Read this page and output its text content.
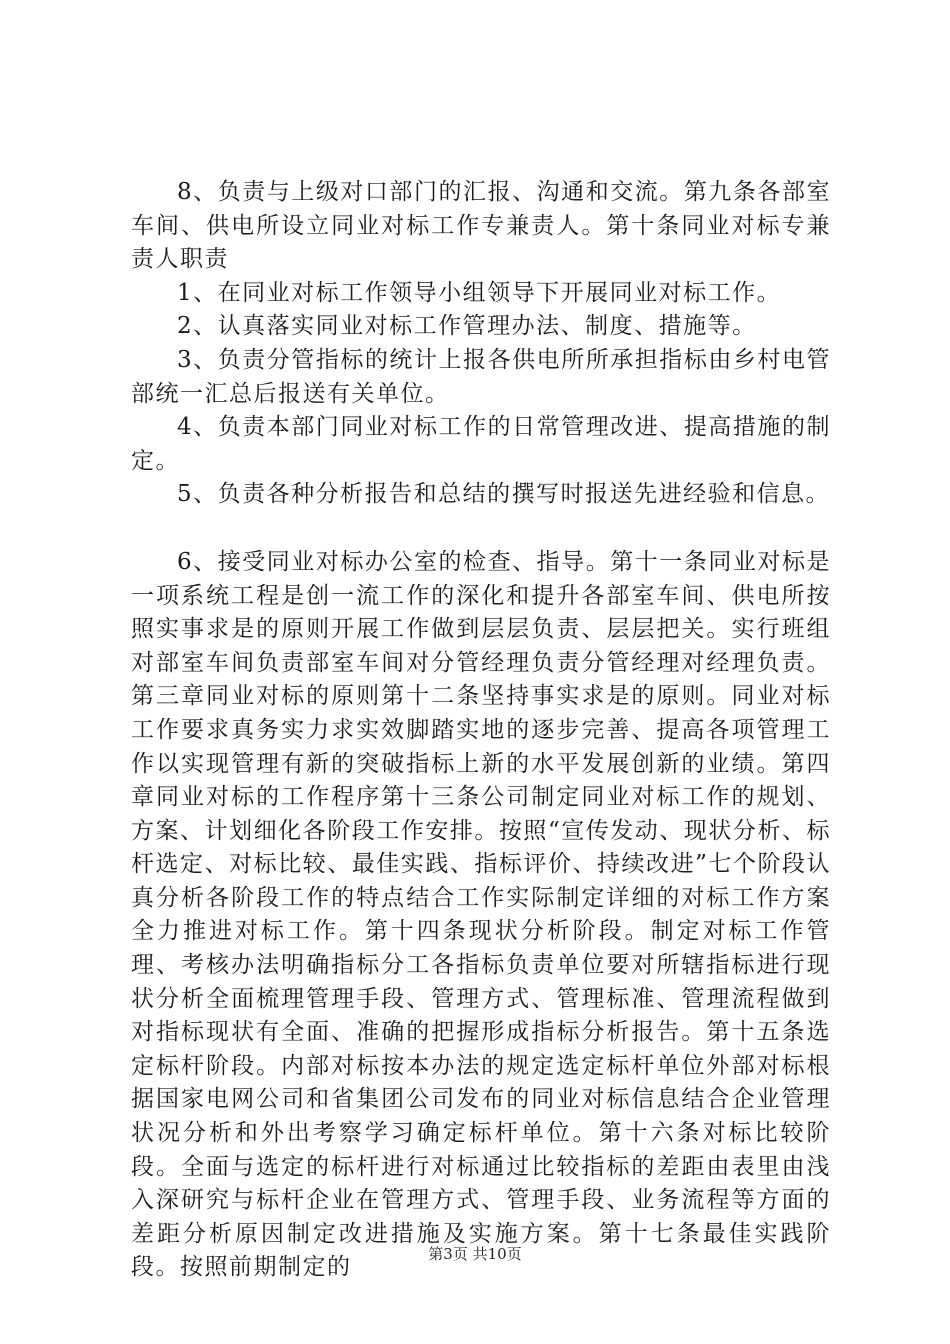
8、负责与上级对口部门的汇报、沟通和交流。第九条各部室车间、供电所设立同业对标工作专兼责人。第十条同业对标专兼责人职责

1、在同业对标工作领导小组领导下开展同业对标工作。

2、认真落实同业对标工作管理办法、制度、措施等。

3、负责分管指标的统计上报各供电所所承担指标由乡村电管部统一汇总后报送有关单位。

4、负责本部门同业对标工作的日常管理改进、提高措施的制定。

5、负责各种分析报告和总结的撰写时报送先进经验和信息。

6、接受同业对标办公室的检查、指导。第十一条同业对标是一项系统工程是创一流工作的深化和提升各部室车间、供电所按照实事求是的原则开展工作做到层层负责、层层把关。实行班组对部室车间负责部室车间对分管经理负责分管经理对经理负责。第三章同业对标的原则第十二条坚持事实求是的原则。同业对标工作要求真务实力求实效脚踏实地的逐步完善、提高各项管理工作以实现管理有新的突破指标上新的水平发展创新的业绩。第四章同业对标的工作程序第十三条公司制定同业对标工作的规划、方案、计划细化各阶段工作安排。按照“宣传发动、现状分析、标杆选定、对标比较、最佳实践、指标评价、持续改进”七个阶段认真分析各阶段工作的特点结合工作实际制定详细的对标工作方案全力推进对标工作。第十四条现状分析阶段。制定对标工作管理、考核办法明确指标分工各指标负责单位要对所辖指标进行现状分析全面梳理管理手段、管理方式、管理标准、管理流程做到对指标现状有全面、准确的把握形成指标分析报告。第十五条选定标杆阶段。内部对标按本办法的规定选定标杆单位外部对标根据国家电网公司和省集团公司发布的同业对标信息结合企业管理状况分析和外出考察学习确定标杆单位。第十六条对标比较阶段。全面与选定的标杆进行对标通过比较指标的差距由表里由浅入深研究与标杆企业在管理方式、管理手段、业务流程等方面的差距分析原因制定改进措施及实施方案。第十七条最佳实践阶段。按照前期制定的

第3页 共10页
